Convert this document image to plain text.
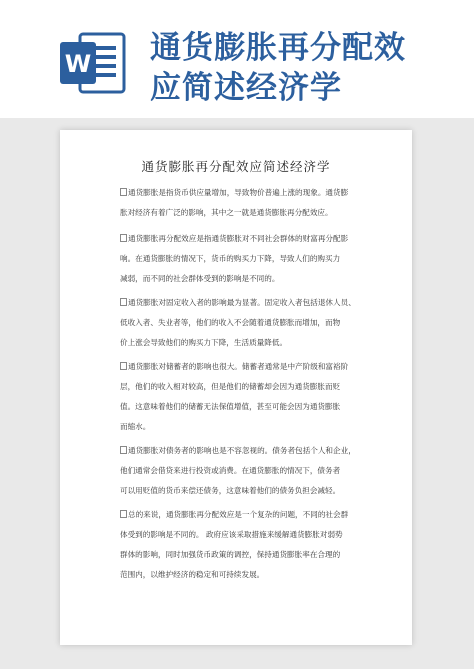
W 通货膨胀再分配效
应简述经济学
通货膨胀再分配效应简述经济学
通货膨胀是指货币供应量增加，导致物价普遍上涨的现象。通货膨
胀对经济有着广泛的影响，其中之一就是通货膨胀再分配效应。
通货膨胀再分配效应是指通货膨胀对不同社会群体的财富再分配影
响。在通货膨胀的情况下，货币的购买力下降，导致人们的购买力
减弱，而不同的社会群体受到的影响是不同的。
通货膨胀对固定收入者的影响最为显著。固定收入者包括退休人员、
低收入者、失业者等，他们的收入不会随着通货膨胀而增加，而物
价上涨会导致他们的购买力下降，生活质量降低。
通货膨胀对储蓄者的影响也很大。储蓄者通常是中产阶级和富裕阶
层，他们的收入相对较高，但是他们的储蓄却会因为通货膨胀而贬
值。这意味着他们的储蓄无法保值增值，甚至可能会因为通货膨胀
而缩水。
通货膨胀对债务者的影响也是不容忽视的。债务者包括个人和企业，
他们通常会借贷来进行投资或消费。在通货膨胀的情况下，债务者
可以用贬值的货币来偿还债务，这意味着他们的债务负担会减轻。
总的来说，通货膨胀再分配效应是一个复杂的问题，不同的社会群
体受到的影响是不同的。 政府应该采取措施来缓解通货膨胀对弱势
群体的影响，同时加强货币政策的调控，保持通货膨胀率在合理的
范围内，以维护经济的稳定和可持续发展。
